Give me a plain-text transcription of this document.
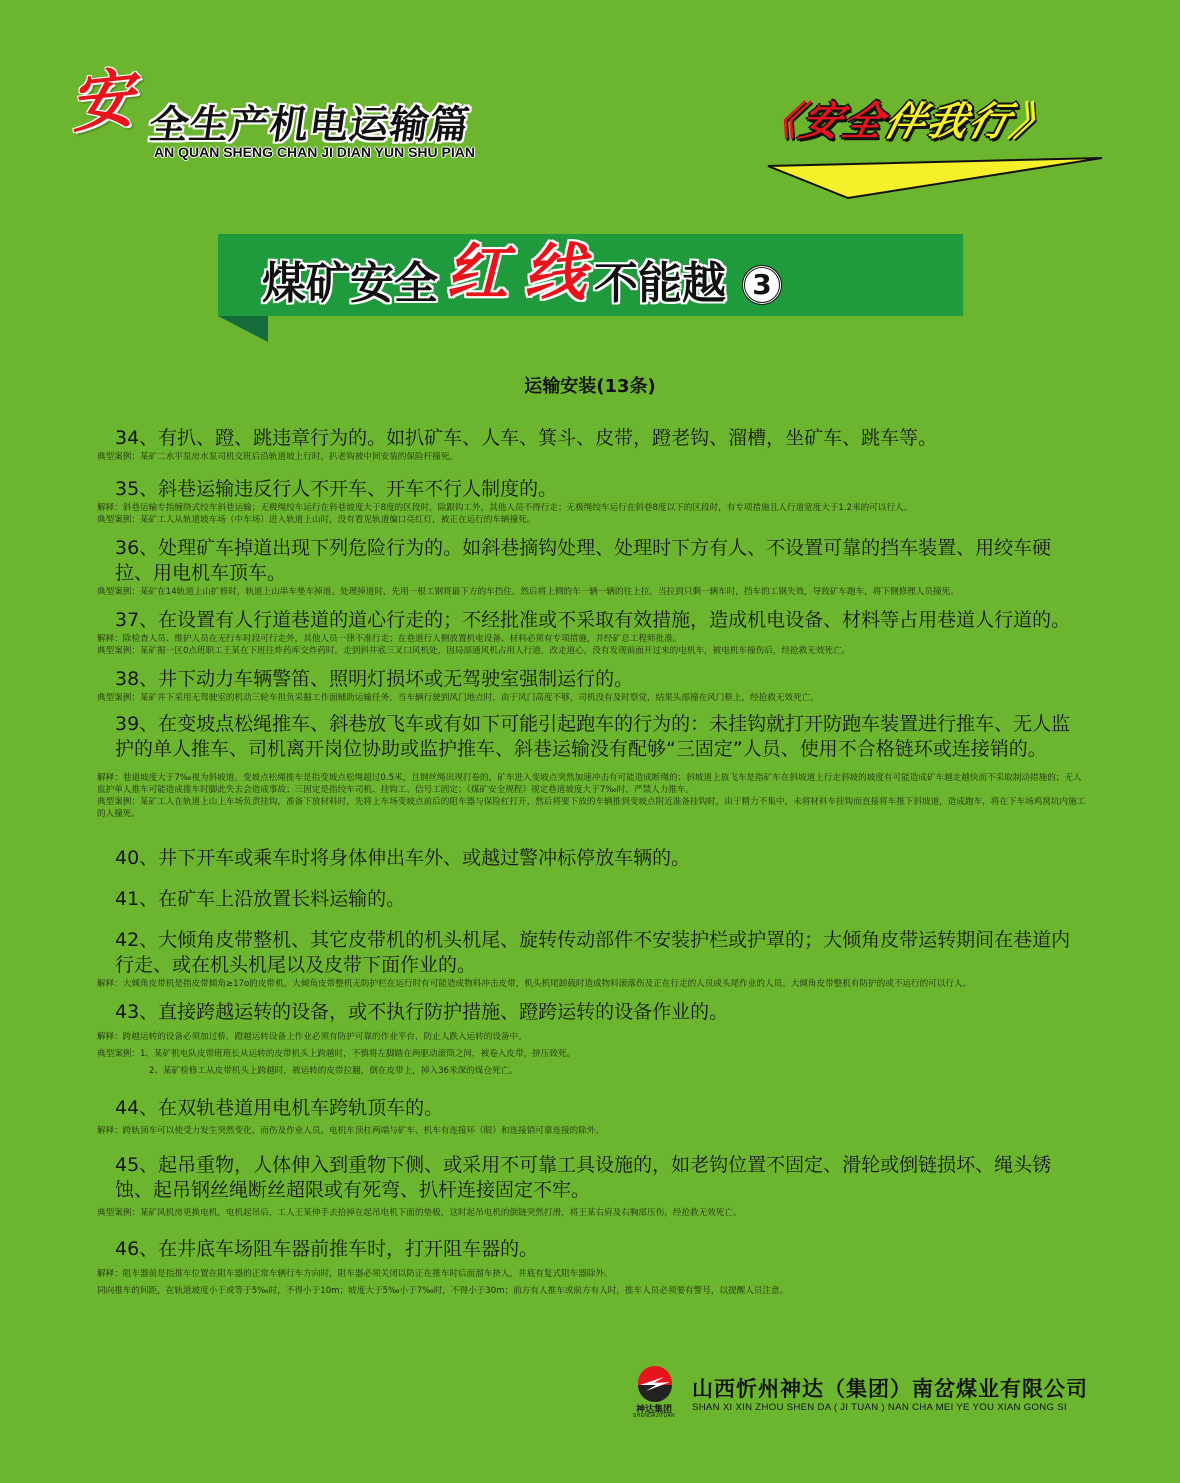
安 全生产机电运输篇
AN QUAN SHENG CHAN JI DIAN YUN SHU PIAN
《安全伴我行》
煤矿安全 红 线 不能越 3
运输安装(13条)
34、有扒、蹬、跳违章行为的。如扒矿车、人车、箕斗、皮带，蹬老钩、溜槽，坐矿车、跳车等。
典型案例：某矿二水平泵房水泵司机交班后沿轨道坡上行时，扒老钩被中间安装的保险杆撞死。
35、斜巷运输违反行人不开车、开车不行人制度的。
解释：斜巷运输专指缠绕式绞车斜巷运输；无极绳绞车运行在斜巷坡度大于8度的区段时，除跟钩工外，其他人员不得行走；无极绳绞车运行在斜巷8度以下的区段时，有专项措施且人行道宽度大于1.2米的可以行人。
典型案例：某矿工人从轨道坡车场（中车场）进入轨道上山时，没有看见轨道偏口亮红灯，被正在运行的车辆撞死。
36、处理矿车掉道出现下列危险行为的。如斜巷摘钩处理、处理时下方有人、不设置可靠的挡车装置、用绞车硬拉、用电机车顶车。
典型案例：某矿在14轨道上山扩修时，轨道上山串车垫车掉道。处理掉道时，先用一根工钢将最下方的车挡住，然后将上侧的车一辆一辆的往上拉，当拉到只剩一辆车时，挡车的工钢失效，导致矿车跑车，将下侧修理人员撞死。
37、在设置有人行道巷道的道心行走的；不经批准或不采取有效措施，造成机电设备、材料等占用巷道人行道的。
解释：除检查人员、维护人员在无行车时段可行走外，其他人员一律不准行走；在巷道行人侧放置机电设备、材料必须有专项措施，并经矿总工程师批准。
典型案例：某矿掘一区0点班职工王某在下班往炸药库交炸药时，走到斜井底三叉口风机处，因局部通风机占用人行道，改走道心，没有发现前面开过来的电机车，被电机车撞伤后，经抢救无效死亡。
38、井下动力车辆警笛、照明灯损坏或无驾驶室强制运行的。
典型案例：某矿井下采用无驾驶室的机动三轮车担负采掘工作面辅助运输任务，当车辆行驶到风门地点时，由于风门高度不够，司机没有及时察觉，结果头部撞在风门框上，经抢救无效死亡。
39、在变坡点松绳推车、斜巷放飞车或有如下可能引起跑车的行为的：未挂钩就打开防跑车装置进行推车、无人监护的单人推车、司机离开岗位协助或监护推车、斜巷运输没有配够“三固定”人员、使用不合格链环或连接销的。
解释：巷道坡度大于7‰视为斜坡道。变坡点松绳推车是指变坡点松绳超过0.5米，且钢丝绳出现打卷的，矿车进入变坡点突然加速冲击有可能造成断绳的；斜坡道上放飞车是指矿车在斜坡道上行走斜坡的坡度有可能造成矿车越走越快而不采取制动措施的；无人监护单人推车可能造成推车时脚此失去会造成事故；三固定是指绞车司机、挂钩工、信号工固定；《煤矿安全规程》规定巷道坡度大于7‰时，严禁人力推车。
典型案例：某矿工人在轨道上山上车场负责挂钩，准备下放材料时，先将上车场变坡点前后的阻车器与保险杠打开，然后将要下放的车辆推到变坡点附近准备挂钩时，由于精力不集中，未将材料车挂钩而直接将车推下斜坡道，造成跑车，将在下车场鸡窝坑内施工的人撞死。
40、井下开车或乘车时将身体伸出车外、或越过警冲标停放车辆的。
41、在矿车上沿放置长料运输的。
42、大倾角皮带整机、其它皮带机的机头机尾、旋转传动部件不安装护栏或护罩的；大倾角皮带运转期间在巷道内行走、或在机头机尾以及皮带下面作业的。
解释：大倾角皮带机是指皮带倾角≥17o的皮带机。大倾角皮带整机无防护栏在运行时有可能造成物料冲击皮带，机头机尾卸载时造成物料滚落伤及正在行走的人员或头尾作业的人员。大倾角皮带整机有防护的或不运行的可以行人。
43、直接跨越运转的设备，或不执行防护措施、蹬跨运转的设备作业的。
解释：跨越运转的设备必须加过桥，蹬越运转设备上作业必须有防护可靠的作业平台，防止人跌入运转的设备中。
典型案例：1、某矿机电队皮带班班长从运转的皮带机头上跨越时，不慎将左脚踏在两驱动滚筒之间，被卷入皮带，挤压致死。
2、某矿检修工从皮带机头上跨越时，被运转的皮带拉翻，倒在皮带上，掉入36米深的煤仓死亡。
44、在双轨巷道用电机车跨轨顶车的。
解释：跨轨顶车可以使受力发生突然变化，而伤及作业人员。电机车顶杠两端与矿车、机车有连接环（眼）和连接销可靠连接的除外。
45、起吊重物，人体伸入到重物下侧、或采用不可靠工具设施的，如老钩位置不固定、滑轮或倒链损坏、绳头锈蚀、起吊钢丝绳断丝超限或有死弯、扒杆连接固定不牢。
典型案例：某矿风机房更换电机，电机起吊后，工人王某伸手去拾掉在起吊电机下面的垫板，这时起吊电机的倒链突然打滑，将王某右肩及右胸部压伤，经抢救无效死亡。
46、在井底车场阻车器前推车时，打开阻车器的。
解释：阻车器前是指推车位置在阻车器的正常车辆行车方向时，阻车器必须关闭以防正在推车时后面溜车挤人，井底有复式阻车器除外。
同向推车的间距，在轨道坡度小于或等于5‰时，不得小于10m；坡度大于5‰小于7‰时，不得小于30m；前方有人推车或前方有人时，推车人员必须要有警号，以提醒人员注意。
神达集团
SHENDAJITUAN
山西忻州神达（集团）南岔煤业有限公司
SHAN XI XIN ZHOU SHEN DA ( JI TUAN ) NAN CHA MEI YE YOU XIAN GONG SI
